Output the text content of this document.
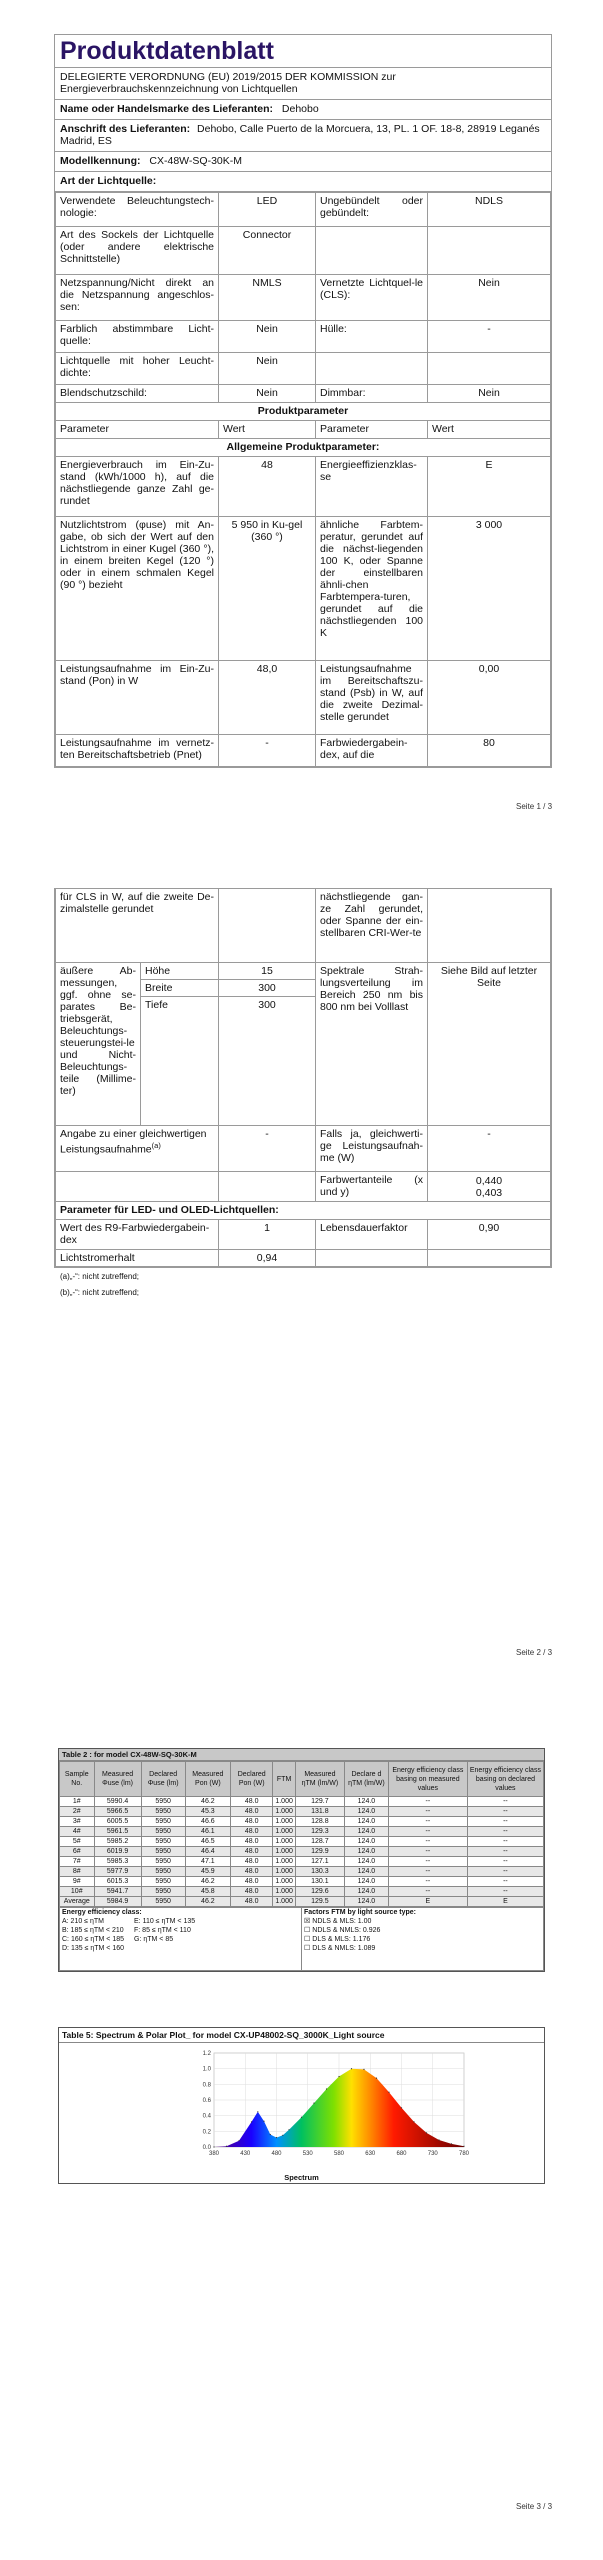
Produktdatenblatt
DELEGIERTE VERORDNUNG (EU) 2019/2015 DER KOMMISSION zur Energieverbrauchskennzeichnung von Lichtquellen
Name oder Handelsmarke des Lieferanten: Dehobo
Anschrift des Lieferanten: Dehobo, Calle Puerto de la Morcuera, 13, PL. 1 OF. 18-8, 28919 Leganés Madrid, ES
Modellkennung: CX-48W-SQ-30K-M
Art der Lichtquelle:
Verwendete Beleuchtungstech-nologie:	LED	Ungebündelt oder gebündelt:	NDLS
Art des Sockels der Lichtquelle (oder andere elektrische Schnittstelle)	Connector		
Netzspannung/Nicht direkt an die Netzspannung angeschlos-sen:	NMLS	Vernetzte Lichtquel-le (CLS):	Nein
Farblich abstimmbare Licht-quelle:	Nein	Hülle:	-
Lichtquelle mit hoher Leucht-dichte:	Nein		
Blendschutzschild:	Nein	Dimmbar:	Nein
Produktparameter			
Parameter	Wert	Parameter	Wert
Allgemeine Produktparameter:			
Energieverbrauch im Ein-Zu-stand (kWh/1000 h), auf die nächstliegende ganze Zahl ge-rundet	48	Energieeffizienzklas-se	E
Nutzlichtstrom (φuse) mit An-gabe, ob sich der Wert auf den Lichtstrom in einer Kugel (360 °), in einem breiten Kegel (120 °) oder in einem schmalen Kegel (90 °) bezieht	5 950 in Ku-gel (360 °)	ähnliche Farbtem-peratur, gerundet auf die nächst-liegenden 100 K, oder Spanne der einstellbaren ähnli-chen Farbtempera-turen, gerundet auf die nächstliegenden 100 K	3 000
Leistungsaufnahme im Ein-Zu-stand (Pon) in W	48,0	Leistungsaufnahme im Bereitschaftszu-stand (Psb) in W, auf die zweite Dezimal-stelle gerundet	0,00
Leistungsaufnahme im vernetz-ten Bereitschaftsbetrieb (Pnet)	-	Farbwiedergabein-dex, auf die	80
Seite 1 / 3
für CLS in W, auf die zweite De-zimalstelle gerundet			nächstliegende gan-ze Zahl gerundet, oder Spanne der ein-stellbaren CRI-Wer-te	
äußere Ab-messungen, ggf. ohne se-parates Be-triebsgerät, Beleuchtungs-steuerungstei-le und Nicht-Beleuchtungs-teile (Millime-ter)	Höhe	15	Spektrale Strah-lungsverteilung im Bereich 250 nm bis 800 nm bei Volllast	Siehe Bild auf letzter Seite
	Breite	300		
	Tiefe	300		
Angabe zu einer gleichwertigen Leistungsaufnahme$^{(a)}$		-	Falls ja, gleichwerti-ge Leistungsaufnah-me (W)	-
			Farbwertanteile (x und y)	0,440
0,403

Parameter für LED- und OLED-Lichtquellen:				
Wert des R9-Farbwiedergabein-dex		1	Lebensdauerfaktor	0,90
Lichtstromerhalt		0,94		
(a)„-“: nicht zutreffend;
(b)„-“: nicht zutreffend;
Seite 2 / 3
Table 2 : for model CX-48W-SQ-30K-M
Sample No.	Measured Φuse (lm)	Declared Φuse (lm)	Measured Pon (W)	Declared Pon (W)	FTM	Measured ηTM (lm/W)	Declare d ηTM (lm/W)	Energy efficiency class basing on measured values	Energy efficiency class basing on declared values
1#	5990.4	5950	46.2	48.0	1.000	129.7	124.0	--	--
2#	5966.5	5950	45.3	48.0	1.000	131.8	124.0	--	--
3#	6005.5	5950	46.6	48.0	1.000	128.8	124.0	--	--
4#	5961.5	5950	46.1	48.0	1.000	129.3	124.0	--	--
5#	5985.2	5950	46.5	48.0	1.000	128.7	124.0	--	--
6#	6019.9	5950	46.4	48.0	1.000	129.9	124.0	--	--
7#	5985.3	5950	47.1	48.0	1.000	127.1	124.0	--	--
8#	5977.9	5950	45.9	48.0	1.000	130.3	124.0	--	--
9#	6015.3	5950	46.2	48.0	1.000	130.1	124.0	--	--
10#	5941.7	5950	45.8	48.0	1.000	129.6	124.0	--	--
Average	5984.9	5950	46.2	48.0	1.000	129.5	124.0	E	E
Energy efficiency class:
A: 210 ≤ ηTM
B: 185 ≤ ηTM < 210
C: 160 ≤ ηTM < 185
D: 135 ≤ ηTM < 160
E: 110 ≤ ηTM < 135
F: 85 ≤ ηTM < 110
G: ηTM < 85

Factors FTM by light source type:
☒ NDLS & MLS: 1.00
☐ NDLS & NMLS: 0.926
☐ DLS & MLS: 1.176
☐ DLS & NMLS: 1.089
Table 5: Spectrum & Polar Plot_ for model CX-UP48002-SQ_3000K_Light source
0.0
0.2
0.4
0.6
0.8
1.0
1.2
380	430	480	530	580	630	680	730	780
Spectrum
Seite 3 / 3
